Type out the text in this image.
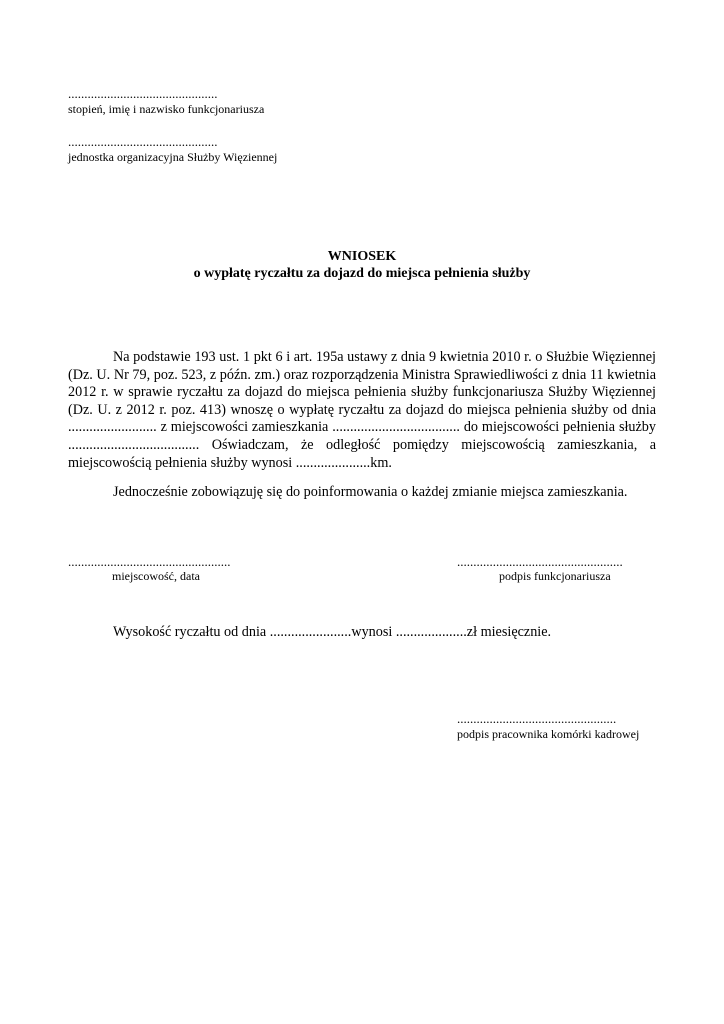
..............................................
stopień, imię i nazwisko funkcjonariusza
..............................................
jednostka organizacyjna Służby Więziennej
WNIOSEK
o wypłatę ryczałtu za dojazd do miejsca pełnienia służby

Na podstawie 193 ust. 1 pkt 6 i art. 195a ustawy z dnia 9 kwietnia 2010 r. o Służbie Więziennej (Dz. U. Nr 79, poz. 523, z późn. zm.) oraz rozporządzenia Ministra Sprawiedliwości z dnia 11 kwietnia 2012 r. w sprawie ryczałtu za dojazd do miejsca pełnienia służby funkcjonariusza Służby Więziennej (Dz. U. z 2012 r. poz. 413) wnoszę o wypłatę ryczałtu za dojazd do miejsca pełnienia służby od dnia ......................... z miejscowości zamieszkania .................................... do miejscowości pełnienia służby ..................................... Oświadczam, że odległość pomiędzy miejscowością zamieszkania, a miejscowością pełnienia służby wynosi .....................km.

Jednocześnie zobowiązuję się do poinformowania o każdej zmianie miejsca zamieszkania.

..................................................
miejscowość, data
...................................................
podpis funkcjonariusza

Wysokość ryczałtu od dnia .......................wynosi ....................zł miesięcznie.

.................................................
podpis pracownika komórki kadrowej
